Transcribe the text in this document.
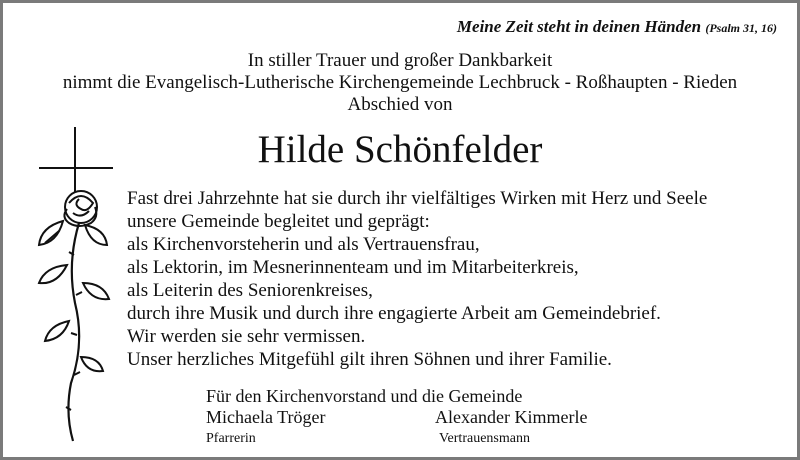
Meine Zeit steht in deinen Händen (Psalm 31, 16)
In stiller Trauer und großer Dankbarkeit
nimmt die Evangelisch-Lutherische Kirchengemeinde Lechbruck - Roßhaupten - Rieden
Abschied von
Hilde Schönfelder
Fast drei Jahrzehnte hat sie durch ihr vielfältiges Wirken mit Herz und Seele
unsere Gemeinde begleitet und geprägt:
als Kirchenvorsteherin und als Vertrauensfrau,
als Lektorin, im Mesnerinnenteam und im Mitarbeiterkreis,
als Leiterin des Seniorenkreises,
durch ihre Musik und durch ihre engagierte Arbeit am Gemeindebrief.
Wir werden sie sehr vermissen.
Unser herzliches Mitgefühl gilt ihren Söhnen und ihrer Familie.
Für den Kirchenvorstand und die Gemeinde
Michaela Tröger	Alexander Kimmerle
Pfarrerin	Vertrauensmann
